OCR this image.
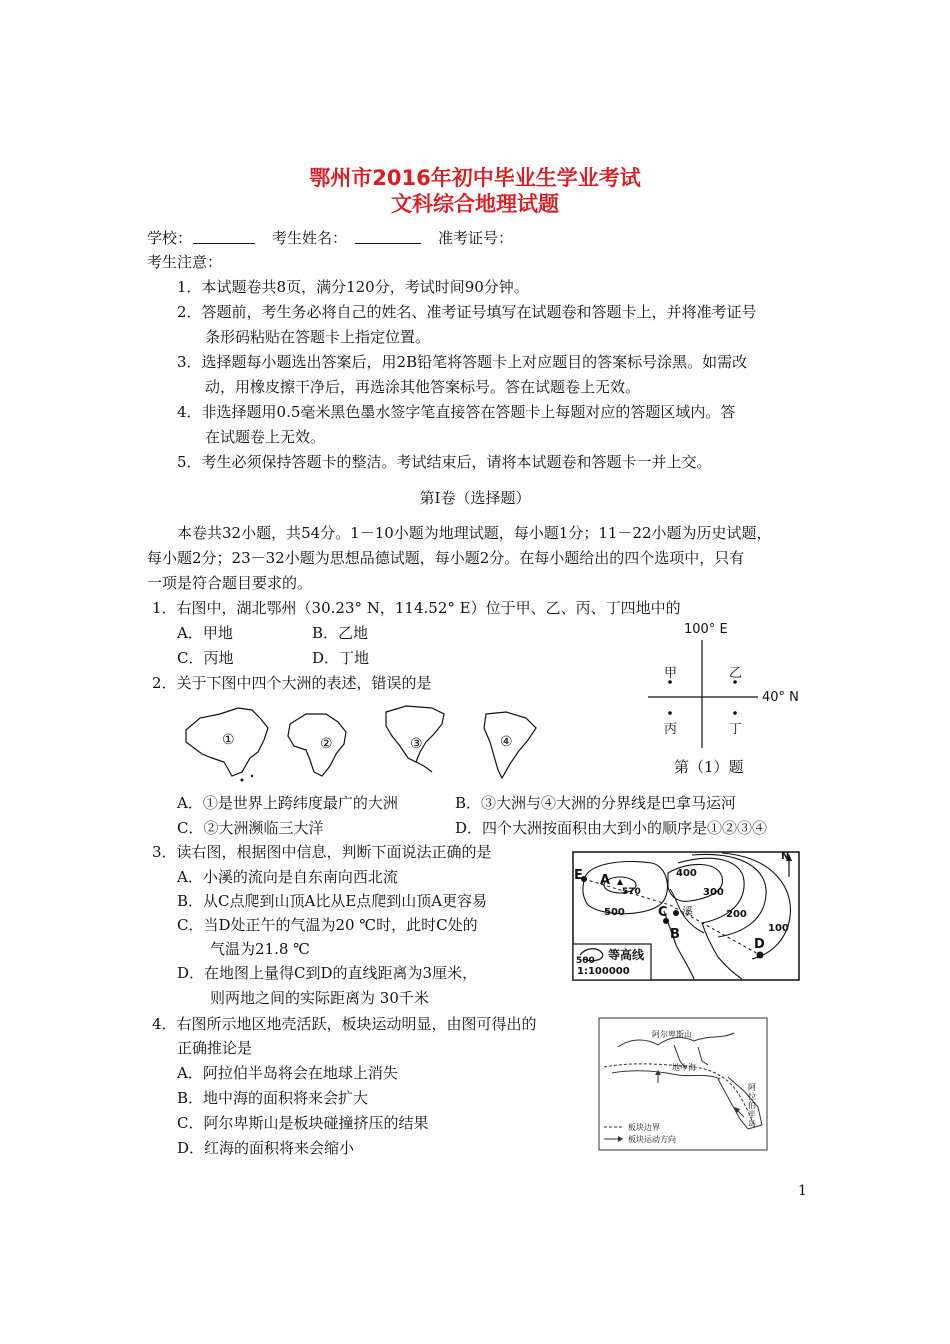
鄂州市2016年初中毕业生学业考试
文科综合地理试题
学校：	考生姓名：	准考证号：
考生注意：
1．本试题卷共8页，满分120分，考试时间90分钟。
2．答题前，考生务必将自己的姓名、准考证号填写在试题卷和答题卡上，并将准考证号
条形码粘贴在答题卡上指定位置。
3．选择题每小题选出答案后，用2B铅笔将答题卡上对应题目的答案标号涂黑。如需改
动，用橡皮擦干净后，再选涂其他答案标号。答在试题卷上无效。
4．非选择题用0.5毫米黑色墨水签字笔直接答在答题卡上每题对应的答题区域内。答
在试题卷上无效。
5．考生必须保持答题卡的整洁。考试结束后，请将本试题卷和答题卡一并上交。
第Ⅰ卷（选择题）
本卷共32小题，共54分。1－10小题为地理试题，每小题1分；11－22小题为历史试题，
每小题2分；23－32小题为思想品德试题，每小题2分。在每小题给出的四个选项中，只有
一项是符合题目要求的。
1．右图中，湖北鄂州（30.23° N，114.52° E）位于甲、乙、丙、丁四地中的
A．甲地	B．乙地
C．丙地	D．丁地
100° E
40° N
甲	乙
丙	丁
第（1）题
2．关于下图中四个大洲的表述，错误的是
①	②	③	④
A．①是世界上跨纬度最广的大洲	B．③大洲与④大洲的分界线是巴拿马运河
C．②大洲濒临三大洋	D．四个大洲按面积由大到小的顺序是①②③④
3．读右图，根据图中信息，判断下面说法正确的是
A．小溪的流向是自东南向西北流
B．从C点爬到山顶A比从E点爬到山顶A更容易
C．当D处正午的气温为20 ℃时，此时C处的
气温为21.8 ℃
D．在地图上量得C到D的直线距离为3厘米，
则两地之间的实际距离为 30千米
N
A
B
C
D
E	400
300
200
100
500
570
溪
500 等高线
1:100000
4．右图所示地区地壳活跃，板块运动明显，由图可得出的
正确推论是
A．阿拉伯半岛将会在地球上消失
B．地中海的面积将来会扩大
C．阿尔卑斯山是板块碰撞挤压的结果
D．红海的面积将来会缩小
阿尔卑斯山
地中海
阿拉伯半岛
板块边界
板块运动方向
1
